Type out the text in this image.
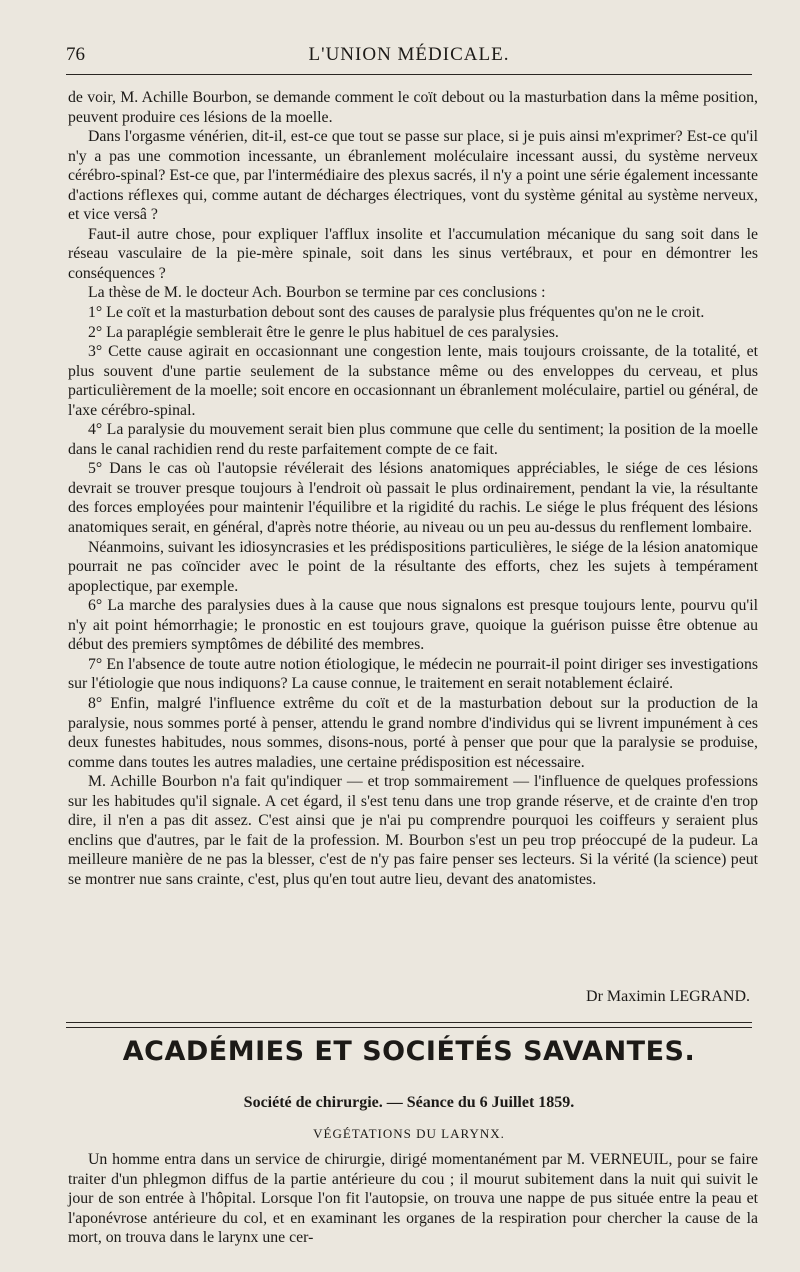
76	L'UNION MÉDICALE.

de voir, M. Achille Bourbon, se demande comment le coït debout ou la masturbation dans la même position, peuvent produire ces lésions de la moelle.

Dans l'orgasme vénérien, dit-il, est-ce que tout se passe sur place, si je puis ainsi m'exprimer? Est-ce qu'il n'y a pas une commotion incessante, un ébranlement moléculaire incessant aussi, du système nerveux cérébro-spinal? Est-ce que, par l'intermédiaire des plexus sacrés, il n'y a point une série également incessante d'actions réflexes qui, comme autant de décharges électriques, vont du système génital au système nerveux, et vice versâ ?

Faut-il autre chose, pour expliquer l'afflux insolite et l'accumulation mécanique du sang soit dans le réseau vasculaire de la pie-mère spinale, soit dans les sinus vertébraux, et pour en démontrer les conséquences ?

La thèse de M. le docteur Ach. Bourbon se termine par ces conclusions :

1° Le coït et la masturbation debout sont des causes de paralysie plus fréquentes qu'on ne le croit.

2° La paraplégie semblerait être le genre le plus habituel de ces paralysies.

3° Cette cause agirait en occasionnant une congestion lente, mais toujours croissante, de la totalité, et plus souvent d'une partie seulement de la substance même ou des enveloppes du cerveau, et plus particulièrement de la moelle; soit encore en occasionnant un ébranlement moléculaire, partiel ou général, de l'axe cérébro-spinal.

4° La paralysie du mouvement serait bien plus commune que celle du sentiment; la position de la moelle dans le canal rachidien rend du reste parfaitement compte de ce fait.

5° Dans le cas où l'autopsie révélerait des lésions anatomiques appréciables, le siége de ces lésions devrait se trouver presque toujours à l'endroit où passait le plus ordinairement, pendant la vie, la résultante des forces employées pour maintenir l'équilibre et la rigidité du rachis. Le siége le plus fréquent des lésions anatomiques serait, en général, d'après notre théorie, au niveau ou un peu au-dessus du renflement lombaire.

Néanmoins, suivant les idiosyncrasies et les prédispositions particulières, le siége de la lésion anatomique pourrait ne pas coïncider avec le point de la résultante des efforts, chez les sujets à tempérament apoplectique, par exemple.

6° La marche des paralysies dues à la cause que nous signalons est presque toujours lente, pourvu qu'il n'y ait point hémorrhagie; le pronostic en est toujours grave, quoique la guérison puisse être obtenue au début des premiers symptômes de débilité des membres.

7° En l'absence de toute autre notion étiologique, le médecin ne pourrait-il point diriger ses investigations sur l'étiologie que nous indiquons? La cause connue, le traitement en serait notablement éclairé.

8° Enfin, malgré l'influence extrême du coït et de la masturbation debout sur la production de la paralysie, nous sommes porté à penser, attendu le grand nombre d'individus qui se livrent impunément à ces deux funestes habitudes, nous sommes, disons-nous, porté à penser que pour que la paralysie se produise, comme dans toutes les autres maladies, une certaine prédisposition est nécessaire.

M. Achille Bourbon n'a fait qu'indiquer — et trop sommairement — l'influence de quelques professions sur les habitudes qu'il signale. A cet égard, il s'est tenu dans une trop grande réserve, et de crainte d'en trop dire, il n'en a pas dit assez. C'est ainsi que je n'ai pu comprendre pourquoi les coiffeurs y seraient plus enclins que d'autres, par le fait de la profession. M. Bourbon s'est un peu trop préoccupé de la pudeur. La meilleure manière de ne pas la blesser, c'est de n'y pas faire penser ses lecteurs. Si la vérité (la science) peut se montrer nue sans crainte, c'est, plus qu'en tout autre lieu, devant des anatomistes.

Dr Maximin LEGRAND.
ACADÉMIES ET SOCIÉTÉS SAVANTES.
Société de chirurgie. — Séance du 6 Juillet 1859.
VÉGÉTATIONS DU LARYNX.

Un homme entra dans un service de chirurgie, dirigé momentanément par M. VERNEUIL, pour se faire traiter d'un phlegmon diffus de la partie antérieure du cou ; il mourut subitement dans la nuit qui suivit le jour de son entrée à l'hôpital. Lorsque l'on fit l'autopsie, on trouva une nappe de pus située entre la peau et l'aponévrose antérieure du col, et en examinant les organes de la respiration pour chercher la cause de la mort, on trouva dans le larynx une cer-
